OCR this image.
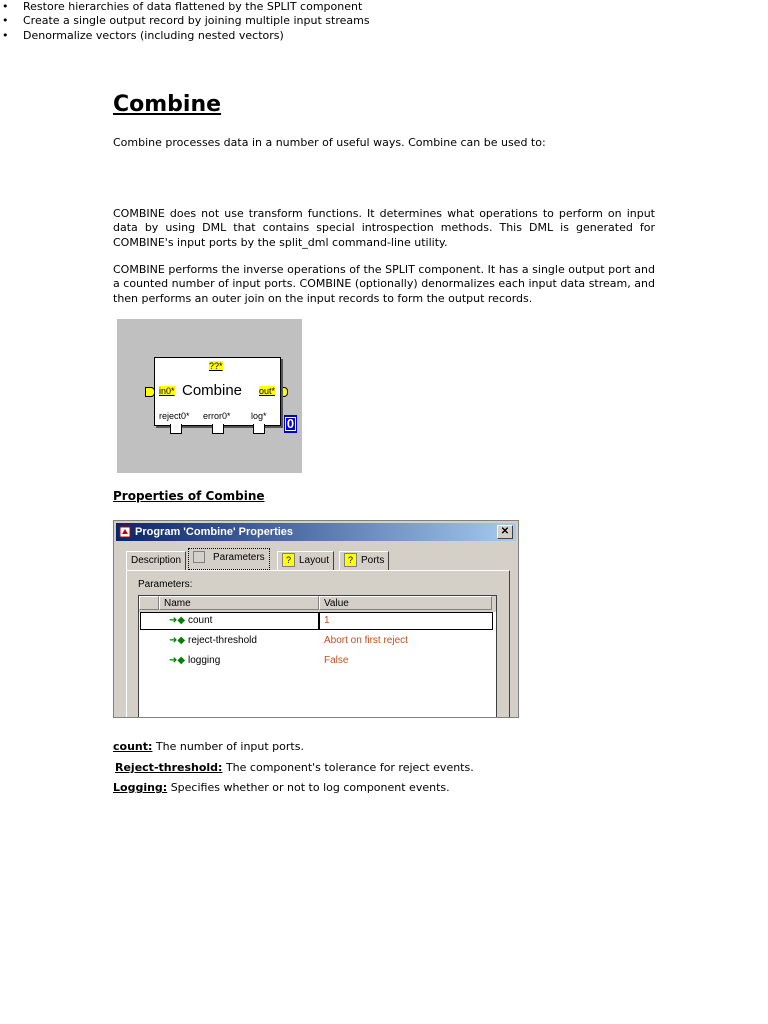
Combine

Combine processes data in a number of useful ways. Combine can be used to:

• Restore hierarchies of data flattened by the SPLIT component
• Create a single output record by joining multiple input streams
• Denormalize vectors (including nested vectors)

COMBINE does not use transform functions. It determines what operations to perform on input data by using DML that contains special introspection methods. This DML is generated for COMBINE's input ports by the split_dml command-line utility.

COMBINE performs the inverse operations of the SPLIT component. It has a single output port and a counted number of input ports. COMBINE (optionally) denormalizes each input data stream, and then performs an outer join on the input records to form the output records.

??*
in0* Combine out*
reject0* error0* log* 0
Properties of Combine
Program 'Combine' Properties	✕
Description	Parameters	? Layout	? Ports
Parameters:
Name	Value
➜◆ count	1
➜◆ reject-threshold	Abort on first reject
➜◆ logging	False

count: The number of input ports.

Reject-threshold: The component's tolerance for reject events.

Logging: Specifies whether or not to log component events.
